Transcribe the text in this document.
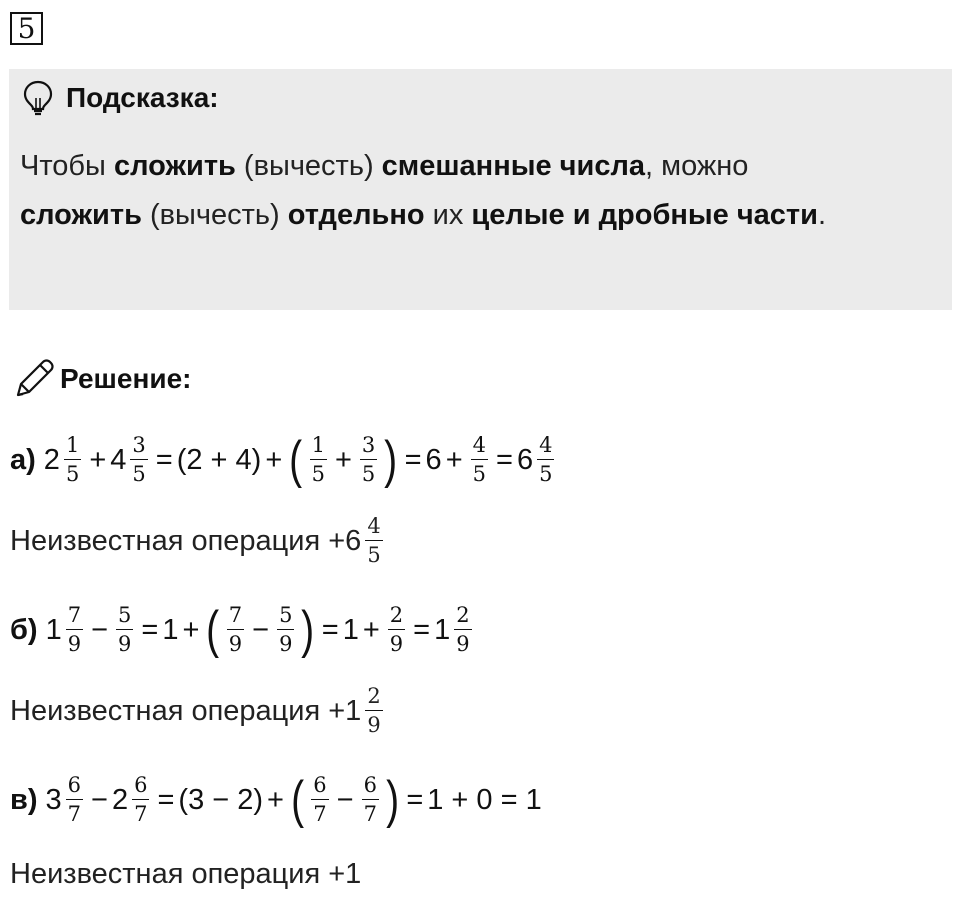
5
Подсказка:
Чтобы сложить (вычесть) смешанные числа, можно
сложить (вычесть) отдельно их целые и дробные части.
Решение:
а) $2 \frac{1}{5} + 4 \frac{3}{5} = (2 + 4)$ + ( $\frac{1}{5} + \frac{3}{5}$ ) = $6 + \frac{4}{5} = 6 \frac{4}{5}$
Неизвестная операция $+6 \frac{4}{5}$
б) $1 \frac{7}{9} - \frac{5}{9} = 1$ + ( $\frac{7}{9} - \frac{5}{9}$ ) = $1 + \frac{2}{9} = 1 \frac{2}{9}$
Неизвестная операция $+1 \frac{2}{9}$
в) $3 \frac{6}{7} - 2 \frac{6}{7} = (3 - 2)$ + ( $\frac{6}{7} - \frac{6}{7}$ ) = 1 + 0 = 1
Неизвестная операция +1
